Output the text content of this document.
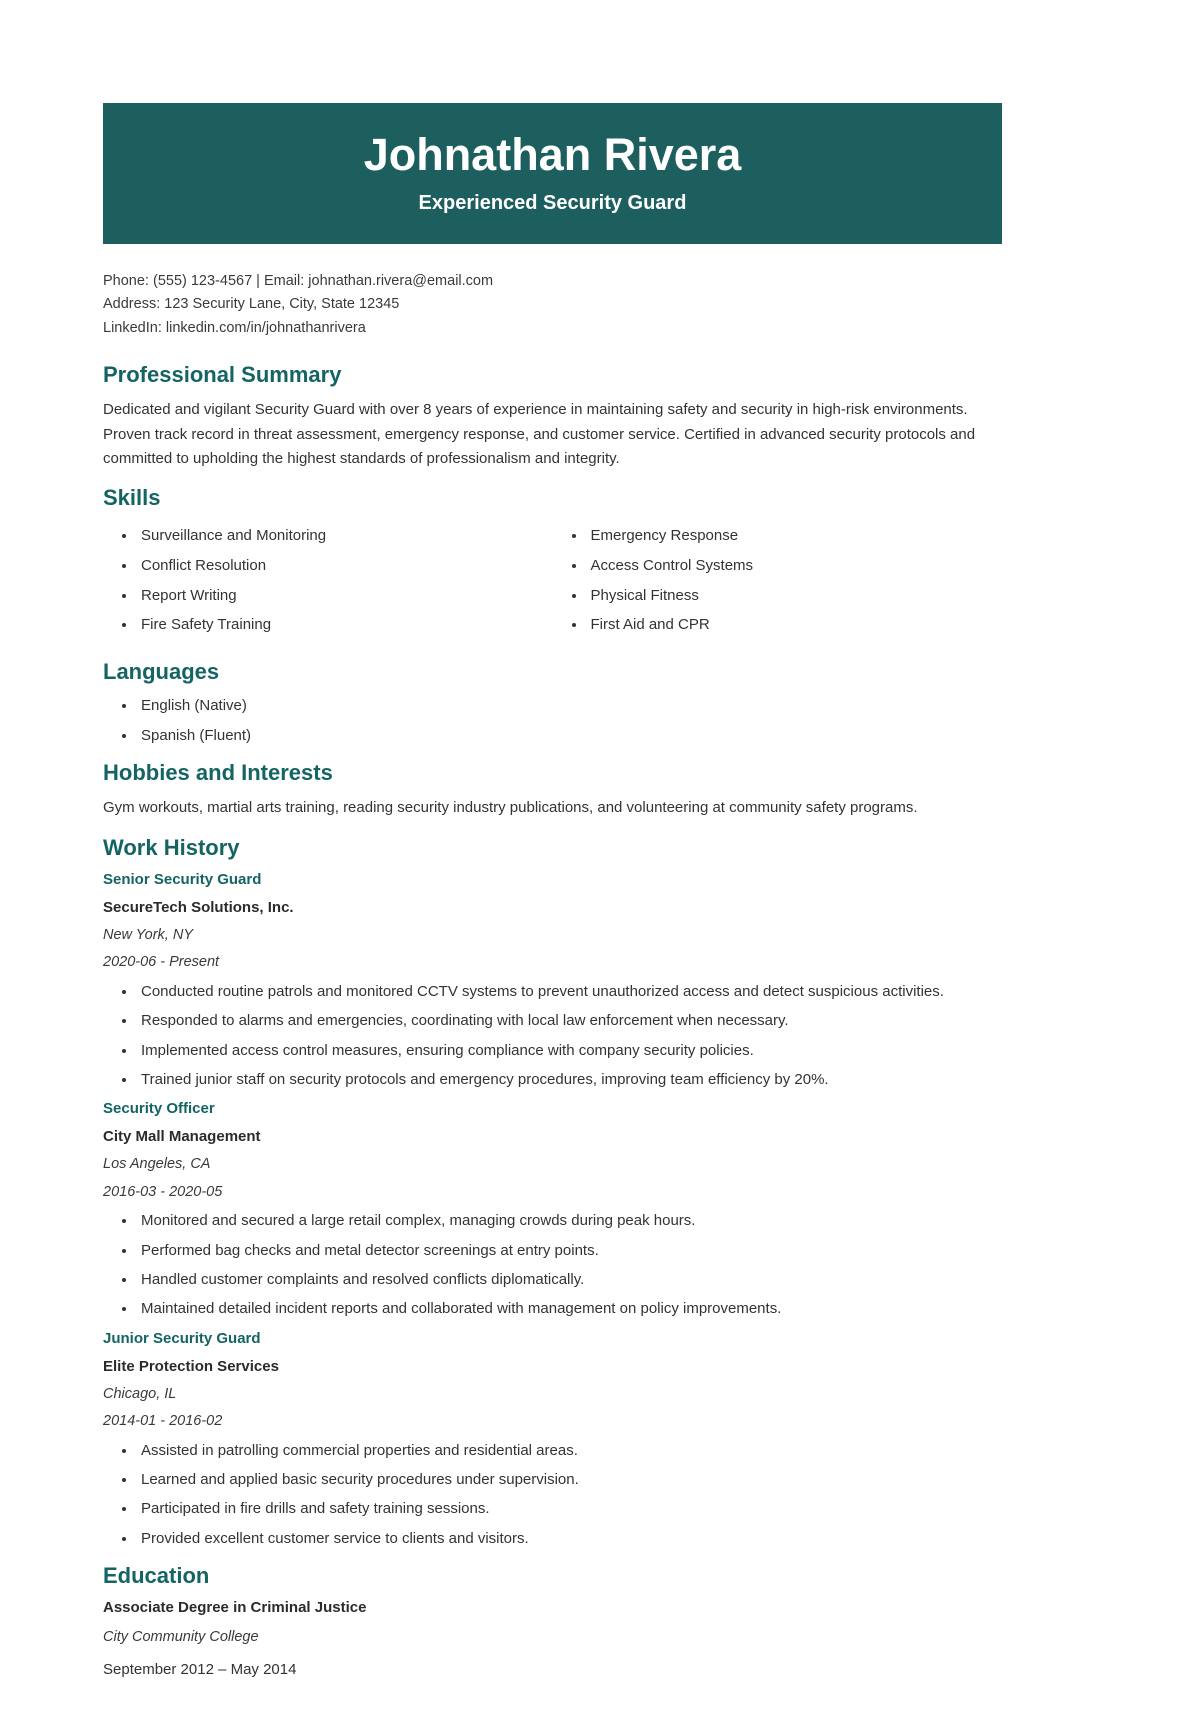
Johnathan Rivera
Experienced Security Guard

Phone: (555) 123-4567 | Email: johnathan.rivera@email.com

Address: 123 Security Lane, City, State 12345

LinkedIn: linkedin.com/in/johnathanrivera

Professional Summary

Dedicated and vigilant Security Guard with over 8 years of experience in maintaining safety and security in high-risk environments. Proven track record in threat assessment, emergency response, and customer service. Certified in advanced security protocols and committed to upholding the highest standards of professionalism and integrity.

Skills
• Surveillance and Monitoring
• Conflict Resolution
• Report Writing
• Fire Safety Training
• Emergency Response
• Access Control Systems
• Physical Fitness
• First Aid and CPR
Languages
• English (Native)
• Spanish (Fluent)
Hobbies and Interests

Gym workouts, martial arts training, reading security industry publications, and volunteering at community safety programs.

Work History
Senior Security Guard
SecureTech Solutions, Inc.
New York, NY
2020-06 - Present
• Conducted routine patrols and monitored CCTV systems to prevent unauthorized access and detect suspicious activities.
• Responded to alarms and emergencies, coordinating with local law enforcement when necessary.
• Implemented access control measures, ensuring compliance with company security policies.
• Trained junior staff on security protocols and emergency procedures, improving team efficiency by 20%.
Security Officer
City Mall Management
Los Angeles, CA
2016-03 - 2020-05
• Monitored and secured a large retail complex, managing crowds during peak hours.
• Performed bag checks and metal detector screenings at entry points.
• Handled customer complaints and resolved conflicts diplomatically.
• Maintained detailed incident reports and collaborated with management on policy improvements.
Junior Security Guard
Elite Protection Services
Chicago, IL
2014-01 - 2016-02
• Assisted in patrolling commercial properties and residential areas.
• Learned and applied basic security procedures under supervision.
• Participated in fire drills and safety training sessions.
• Provided excellent customer service to clients and visitors.
Education
Associate Degree in Criminal Justice
City Community College
September 2012 – May 2014
